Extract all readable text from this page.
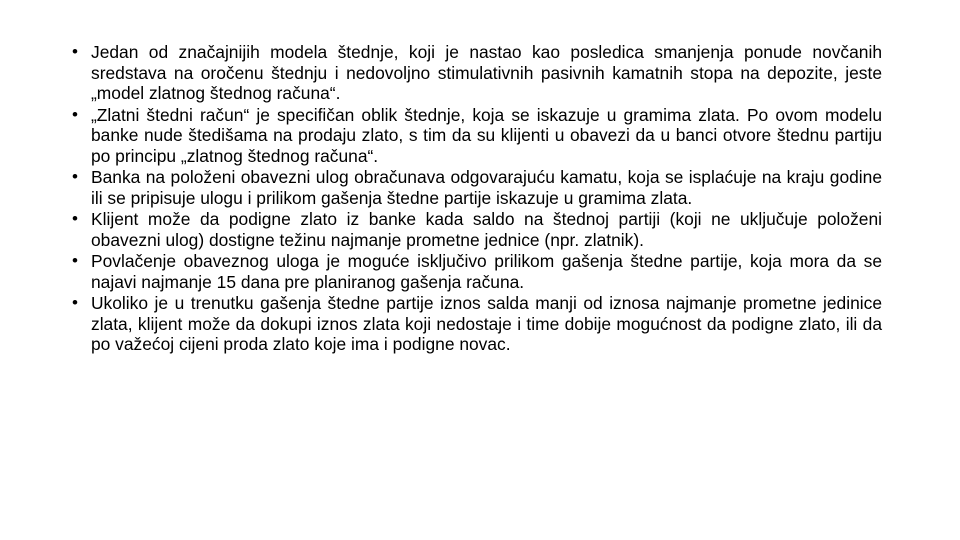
• Jedan od značajnijih modela štednje, koji je nastao kao posledica smanjenja ponude novčanih sredstava na oročenu štednju i nedovoljno stimulativnih pasivnih kamatnih stopa na depozite, jeste „model zlatnog štednog računa“.
• „Zlatni štedni račun“ je specifičan oblik štednje, koja se iskazuje u gramima zlata. Po ovom modelu banke nude štedišama na prodaju zlato, s tim da su klijenti u obavezi da u banci otvore štednu partiju po principu „zlatnog štednog računa“.
• Banka na položeni obavezni ulog obračunava odgovarajuću kamatu, koja se isplaćuje na kraju godine ili se pripisuje ulogu i prilikom gašenja štedne partije iskazuje u gramima zlata.
• Klijent može da podigne zlato iz banke kada saldo na štednoj partiji (koji ne uključuje položeni obavezni ulog) dostigne težinu najmanje prometne jednice (npr. zlatnik).
• Povlačenje obaveznog uloga je moguće isključivo prilikom gašenja štedne partije, koja mora da se najavi najmanje 15 dana pre planiranog gašenja računa.
• Ukoliko je u trenutku gašenja štedne partije iznos salda manji od iznosa najmanje prometne jedinice zlata, klijent može da dokupi iznos zlata koji nedostaje i time dobije mogućnost da podigne zlato, ili da po važećoj cijeni proda zlato koje ima i podigne novac.
